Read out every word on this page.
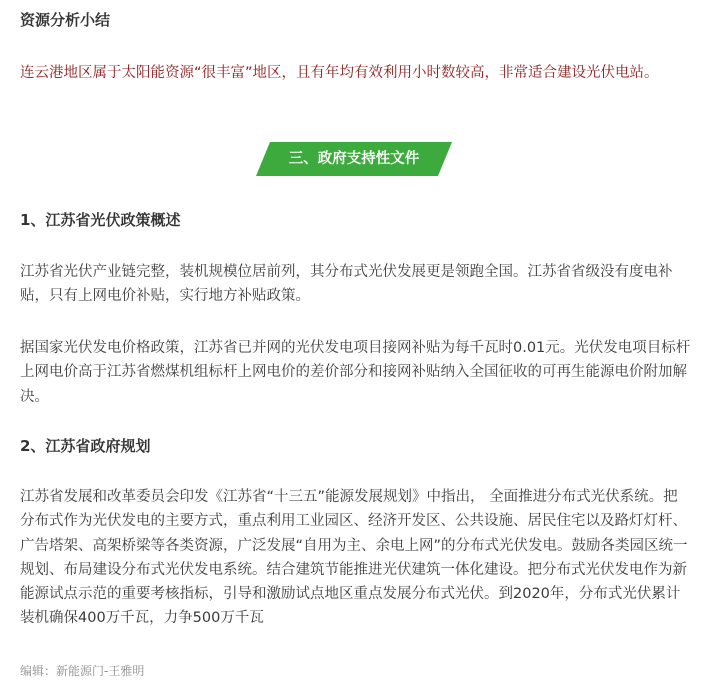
资源分析小结

连云港地区属于太阳能资源“很丰富”地区，且有年均有效利用小时数较高，非常适合建设光伏电站。

三、政府支持性文件
1、江苏省光伏政策概述

江苏省光伏产业链完整，装机规模位居前列，其分布式光伏发展更是领跑全国。江苏省省级没有度电补贴，只有上网电价补贴，实行地方补贴政策。

据国家光伏发电价格政策，江苏省已并网的光伏发电项目接网补贴为每千瓦时0.01元。光伏发电项目标杆上网电价高于江苏省燃煤机组标杆上网电价的差价部分和接网补贴纳入全国征收的可再生能源电价附加解决。

2、江苏省政府规划

江苏省发展和改革委员会印发《江苏省“十三五”能源发展规划》中指出， 全面推进分布式光伏系统。把分布式作为光伏发电的主要方式，重点利用工业园区、经济开发区、公共设施、居民住宅以及路灯灯杆、广告塔架、高架桥梁等各类资源，广泛发展“自用为主、余电上网”的分布式光伏发电。鼓励各类园区统一规划、布局建设分布式光伏发电系统。结合建筑节能推进光伏建筑一体化建设。把分布式光伏发电作为新能源试点示范的重要考核指标，引导和激励试点地区重点发展分布式光伏。到2020年，分布式光伏累计装机确保400万千瓦，力争500万千瓦

编辑：新能源门-王雅明
